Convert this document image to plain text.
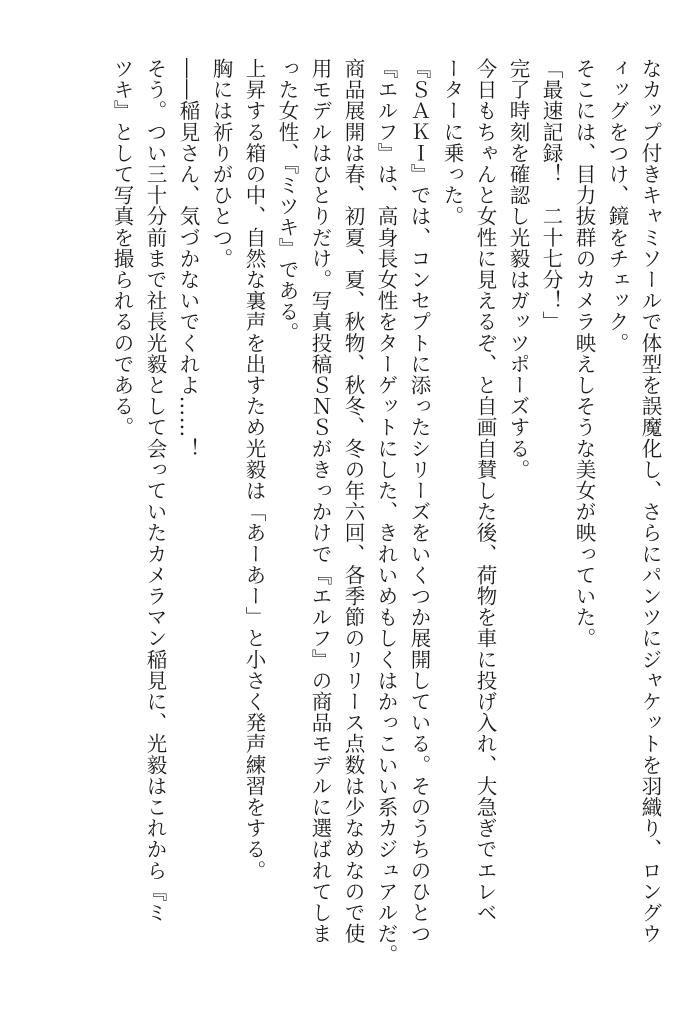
なカップ付きキャミソールで体型を誤魔化し、さらにパンツにジャケットを羽織り、ロングウ
ィッグをつけ、鏡をチェック。
そこには、目力抜群のカメラ映えしそうな美女が映っていた。
「最速記録！　二十七分！」
完了時刻を確認し光毅はガッツポーズする。
今日もちゃんと女性に見えるぞ、と自画自賛した後、荷物を車に投げ入れ、大急ぎでエレベ
ーターに乗った。
『ＳＡＫＩ』では、コンセプトに添ったシリーズをいくつか展開している。そのうちのひとつ
『エルフ』は、高身長女性をターゲットにした、きれいめもしくはかっこいい系カジュアルだ。
商品展開は春、初夏、夏、秋物、秋冬、冬の年六回、各季節のリリース点数は少なめなので使
用モデルはひとりだけ。写真投稿ＳＮＳがきっかけで『エルフ』の商品モデルに選ばれてしま
った女性、『ミツキ』である。
上昇する箱の中、自然な裏声を出すため光毅は「あーあー」と小さく発声練習をする。
胸には祈りがひとつ。
――稲見さん、気づかないでくれよ……！
そう。つい三十分前まで社長光毅として会っていたカメラマン稲見に、光毅はこれから『ミ
ツキ』として写真を撮られるのである。
